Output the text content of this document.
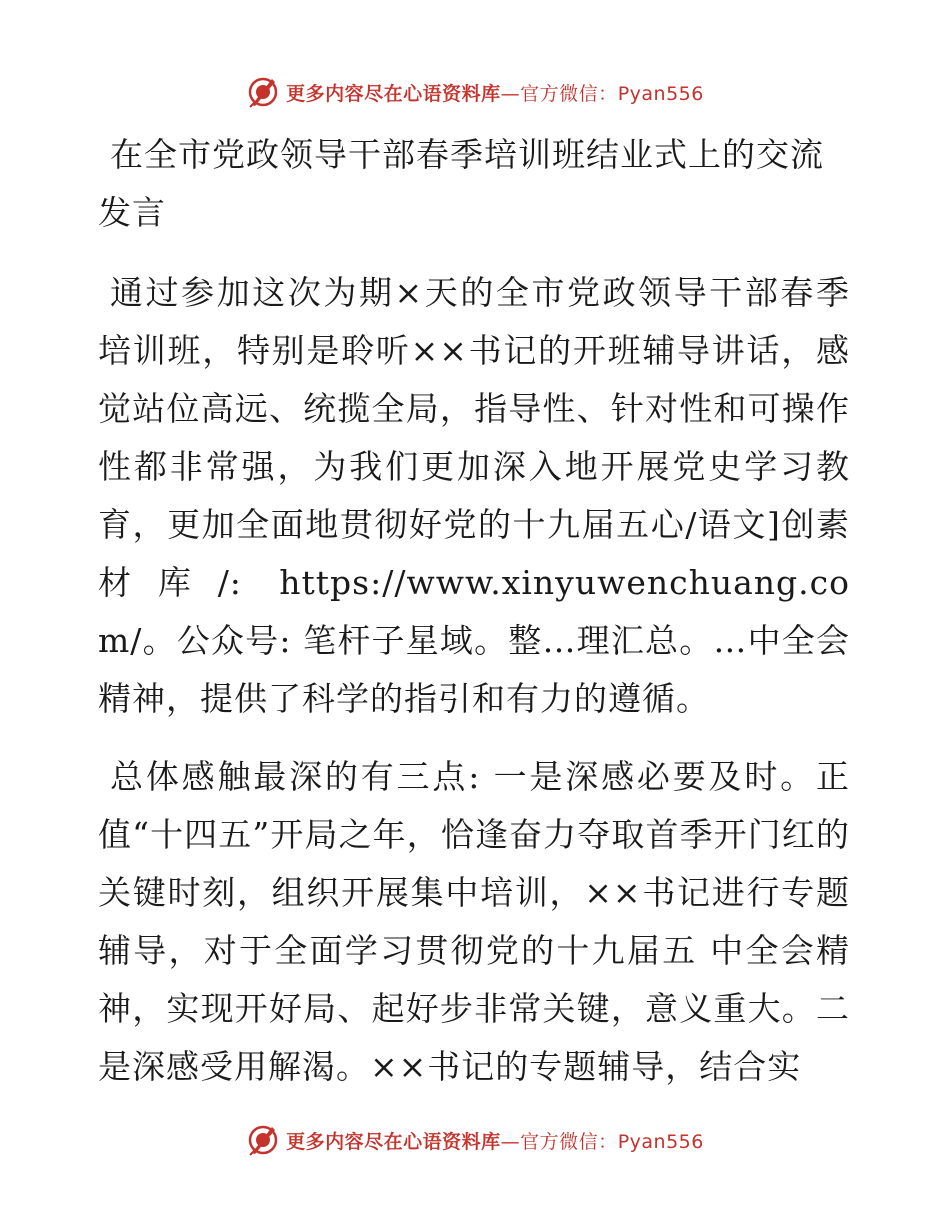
更多内容尽在心语资料库—官方微信：Pyan556
在全市党政领导干部春季培训班结业式上的交流发言

通过参加这次为期×天的全市党政领导干部春季培训班，特别是聆听××书记的开班辅导讲话，感觉站位高远、统揽全局，指导性、针对性和可操作性都非常强，为我们更加深入地开展党史学习教育，更加全面地贯彻好党的十九届五心/语文]创素材库/: https://www.xinyuwenchuang.com/。公众号: 笔杆子星域。整…理汇总。…中全会精神，提供了科学的指引和有力的遵循。

总体感触最深的有三点: 一是深感必要及时。正值“十四五”开局之年，恰逢奋力夺取首季开门红的关键时刻，组织开展集中培训，××书记进行专题辅导，对于全面学习贯彻党的十九届五 中全会精神，实现开好局、起好步非常关键，意义重大。二是深感受用解渴。××书记的专题辅导，结合实

更多内容尽在心语资料库—官方微信：Pyan556
